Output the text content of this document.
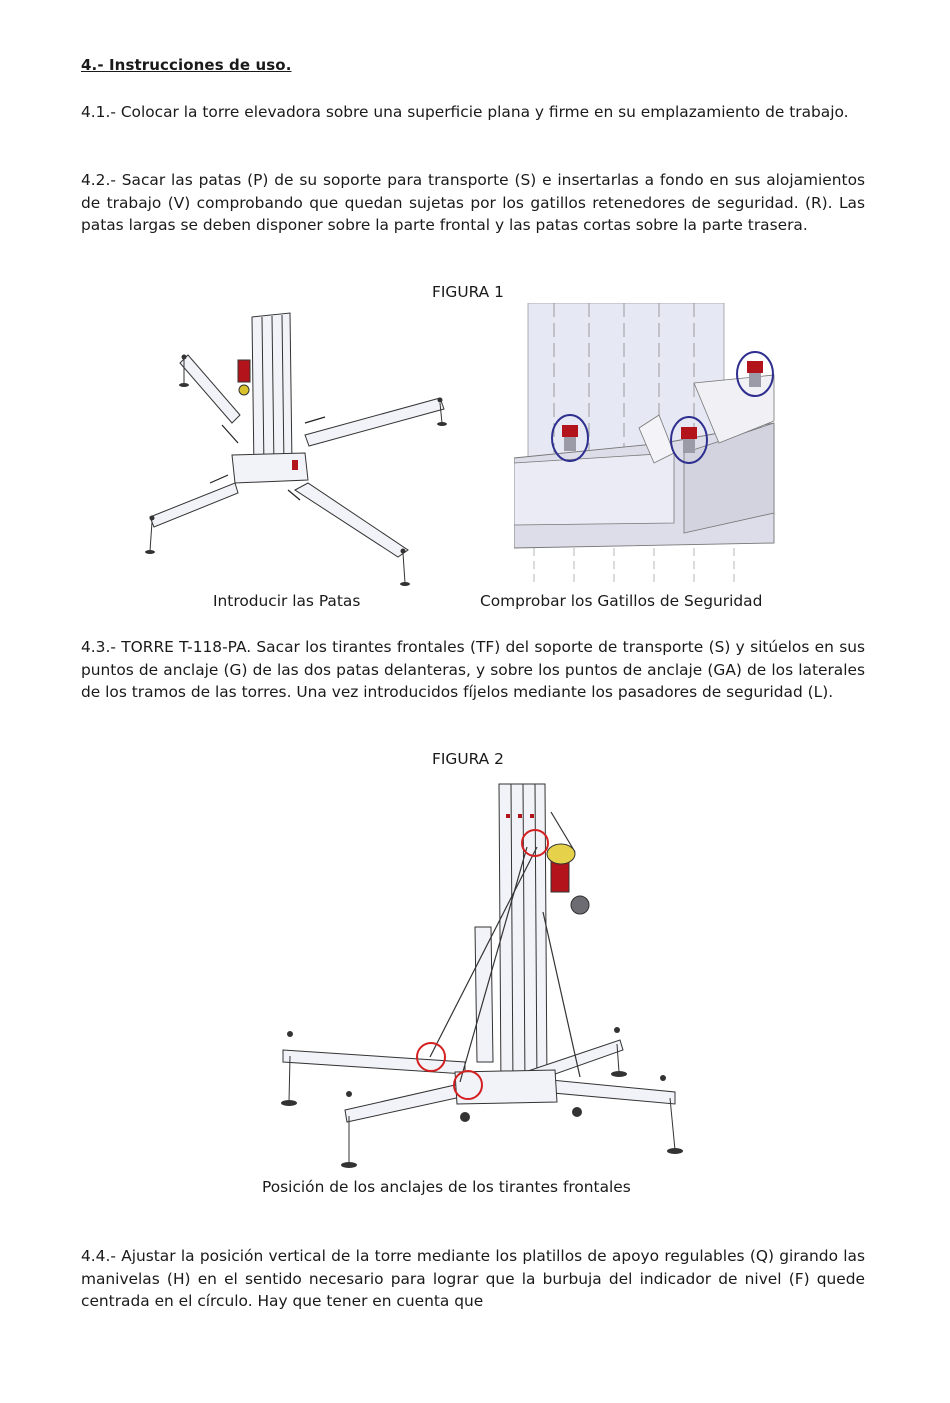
4.- Instrucciones de uso.
4.1.- Colocar la torre elevadora sobre una superficie plana y firme en su emplazamiento de trabajo.
4.2.- Sacar las patas (P) de su soporte para transporte (S) e insertarlas a fondo en sus alojamientos de trabajo (V) comprobando que quedan sujetas por los gatillos retenedores de seguridad. (R). Las patas largas se deben disponer sobre la parte frontal y las patas cortas sobre la parte trasera.
FIGURA 1
Introducir las Patas	Comprobar los Gatillos de Seguridad
4.3.- TORRE T-118-PA. Sacar los tirantes frontales (TF) del soporte de transporte (S) y sitúelos en sus puntos de anclaje (G) de las dos patas delanteras, y sobre los puntos de anclaje (GA) de los laterales de los tramos de las torres. Una vez introducidos fíjelos mediante los pasadores de seguridad (L).
FIGURA 2
Posición de los anclajes de los tirantes frontales
4.4.- Ajustar la posición vertical de la torre mediante los platillos de apoyo regulables (Q) girando las manivelas (H) en el sentido necesario para lograr que la burbuja del indicador de nivel (F) quede centrada en el círculo. Hay que tener en cuenta que
